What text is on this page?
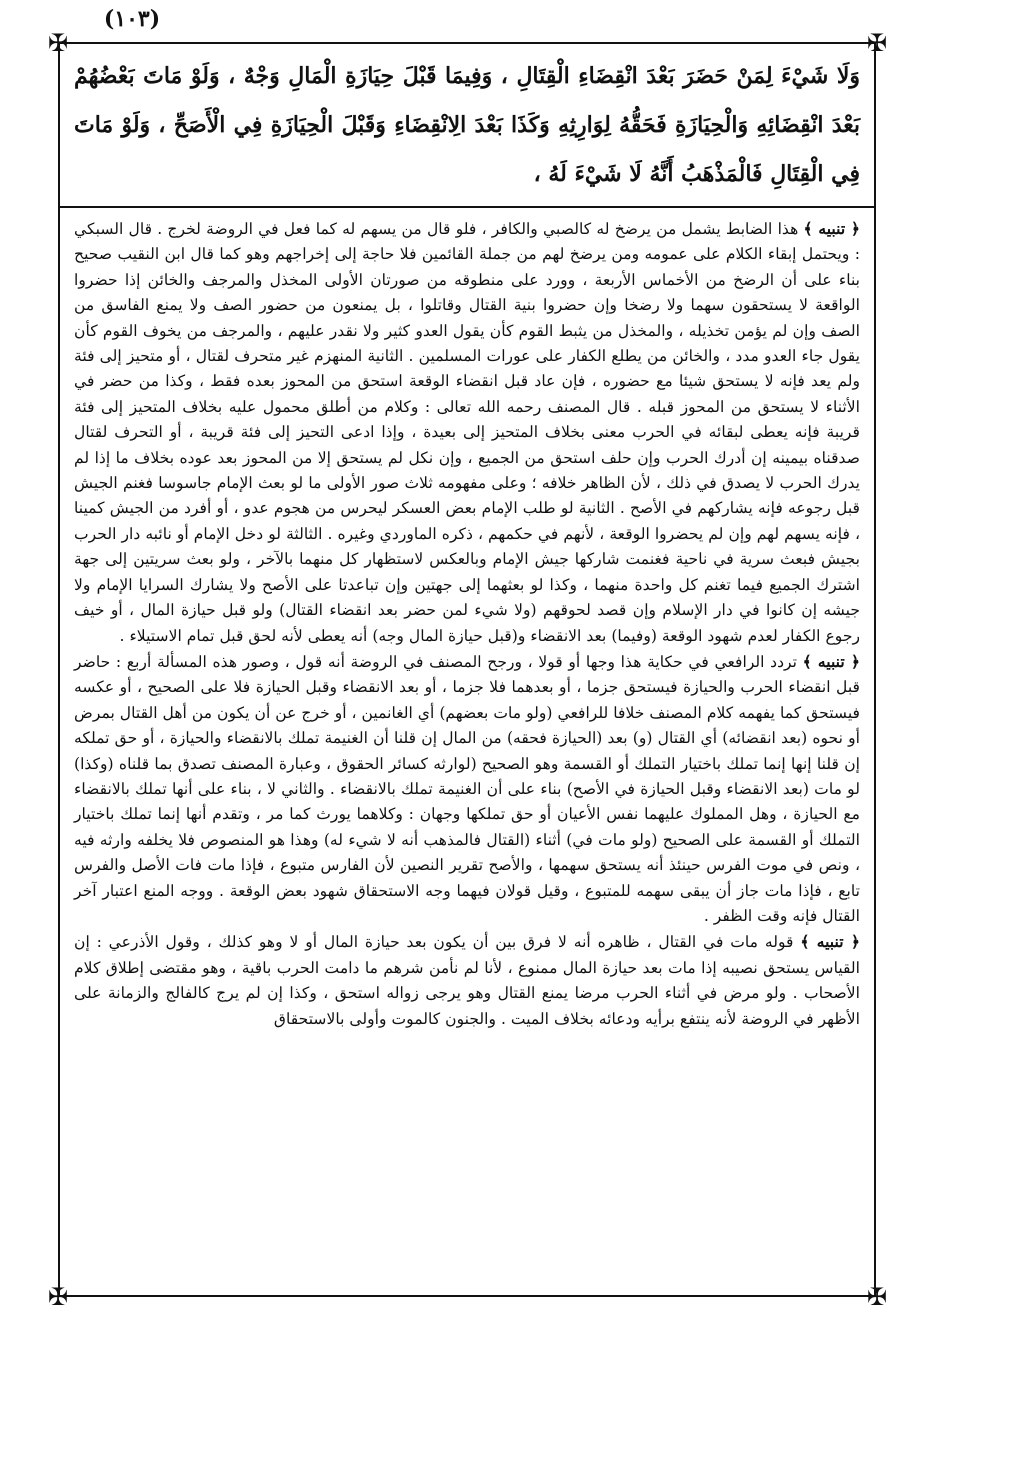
(١٠٣)
✠	✠
✠	✠

وَلَا شَيْءَ لِمَنْ حَضَرَ بَعْدَ انْقِضَاءِ الْقِتَالِ ، وَفِيمَا قَبْلَ حِيَازَةِ الْمَالِ وَجْهٌ ، وَلَوْ مَاتَ بَعْضُهُمْ بَعْدَ انْقِضَائِهِ وَالْحِيَازَةِ فَحَقُّهُ لِوَارِثِهِ وَكَذَا بَعْدَ الِانْقِضَاءِ وَقَبْلَ الْحِيَازَةِ فِي الْأَصَحِّ ، وَلَوْ مَاتَ فِي الْقِتَالِ فَالْمَذْهَبُ أَنَّهُ لَا شَيْءَ لَهُ ،

﴿ تنبيه ﴾ هذا الضابط يشمل من يرضخ له كالصبي والكافر ، فلو قال من يسهم له كما فعل في الروضة لخرج . قال السبكي : ويحتمل إبقاء الكلام على عمومه ومن يرضخ لهم من جملة القائمين فلا حاجة إلى إخراجهم وهو كما قال ابن النقيب صحيح بناء على أن الرضخ من الأخماس الأربعة ، وورد على منطوقه من صورتان الأولى المخذل والمرجف والخائن إذا حضروا الواقعة لا يستحقون سهما ولا رضخا وإن حضروا بنية القتال وقاتلوا ، بل يمنعون من حضور الصف ولا يمنع الفاسق من الصف وإن لم يؤمن تخذيله ، والمخذل من يثبط القوم كأن يقول العدو كثير ولا نقدر عليهم ، والمرجف من يخوف القوم كأن يقول جاء العدو مدد ، والخائن من يطلع الكفار على عورات المسلمين . الثانية المنهزم غير متحرف لقتال ، أو متحيز إلى فئة ولم يعد فإنه لا يستحق شيئا مع حضوره ، فإن عاد قبل انقضاء الوقعة استحق من المحوز بعده فقط ، وكذا من حضر في الأثناء لا يستحق من المحوز قبله . قال المصنف رحمه الله تعالى : وكلام من أطلق محمول عليه بخلاف المتحيز إلى فئة قريبة فإنه يعطى لبقائه في الحرب معنى بخلاف المتحيز إلى بعيدة ، وإذا ادعى التحيز إلى فئة قريبة ، أو التحرف لقتال صدقناه بيمينه إن أدرك الحرب وإن حلف استحق من الجميع ، وإن نكل لم يستحق إلا من المحوز بعد عوده بخلاف ما إذا لم يدرك الحرب لا يصدق في ذلك ، لأن الظاهر خلافه ؛ وعلى مفهومه ثلاث صور الأولى ما لو بعث الإمام جاسوسا فغنم الجيش قبل رجوعه فإنه يشاركهم في الأصح . الثانية لو طلب الإمام بعض العسكر ليحرس من هجوم عدو ، أو أفرد من الجيش كمينا ، فإنه يسهم لهم وإن لم يحضروا الوقعة ، لأنهم في حكمهم ، ذكره الماوردي وغيره . الثالثة لو دخل الإمام أو نائبه دار الحرب بجيش فبعث سرية في ناحية فغنمت شاركها جيش الإمام وبالعكس لاستظهار كل منهما بالآخر ، ولو بعث سريتين إلى جهة اشترك الجميع فيما تغنم كل واحدة منهما ، وكذا لو بعثهما إلى جهتين وإن تباعدتا على الأصح ولا يشارك السرايا الإمام ولا جيشه إن كانوا في دار الإسلام وإن قصد لحوقهم (ولا شيء لمن حضر بعد انقضاء القتال) ولو قبل حيازة المال ، أو خيف رجوع الكفار لعدم شهود الوقعة (وفيما) بعد الانقضاء و(قبل حيازة المال وجه) أنه يعطى لأنه لحق قبل تمام الاستيلاء .

﴿ تنبيه ﴾ تردد الرافعي في حكاية هذا وجها أو قولا ، ورجح المصنف في الروضة أنه قول ، وصور هذه المسألة أربع : حاضر قبل انقضاء الحرب والحيازة فيستحق جزما ، أو بعدهما فلا جزما ، أو بعد الانقضاء وقبل الحيازة فلا على الصحيح ، أو عكسه فيستحق كما يفهمه كلام المصنف خلافا للرافعي (ولو مات بعضهم) أي الغانمين ، أو خرج عن أن يكون من أهل القتال بمرض أو نحوه (بعد انقضائه) أي القتال (و) بعد (الحيازة فحقه) من المال إن قلنا أن الغنيمة تملك بالانقضاء والحيازة ، أو حق تملكه إن قلنا إنها إنما تملك باختيار التملك أو القسمة وهو الصحيح (لوارثه كسائر الحقوق ، وعبارة المصنف تصدق بما قلناه (وكذا) لو مات (بعد الانقضاء وقبل الحيازة في الأصح) بناء على أن الغنيمة تملك بالانقضاء . والثاني لا ، بناء على أنها تملك بالانقضاء مع الحيازة ، وهل المملوك عليهما نفس الأعيان أو حق تملكها وجهان : وكلاهما يورث كما مر ، وتقدم أنها إنما تملك باختيار التملك أو القسمة على الصحيح (ولو مات في) أثناء (القتال فالمذهب أنه لا شيء له) وهذا هو المنصوص فلا يخلفه وارثه فيه ، ونص في موت الفرس حينئذ أنه يستحق سهمها ، والأصح تقرير النصين لأن الفارس متبوع ، فإذا مات فات الأصل والفرس تابع ، فإذا مات جاز أن يبقى سهمه للمتبوع ، وقيل قولان فيهما وجه الاستحقاق شهود بعض الوقعة . ووجه المنع اعتبار آخر القتال فإنه وقت الظفر .

﴿ تنبيه ﴾ قوله مات في القتال ، ظاهره أنه لا فرق بين أن يكون بعد حيازة المال أو لا وهو كذلك ، وقول الأذرعي : إن القياس يستحق نصيبه إذا مات بعد حيازة المال ممنوع ، لأنا لم نأمن شرهم ما دامت الحرب باقية ، وهو مقتضى إطلاق كلام الأصحاب . ولو مرض في أثناء الحرب مرضا يمنع القتال وهو يرجى زواله استحق ، وكذا إن لم يرج كالفالج والزمانة على الأظهر في الروضة لأنه ينتفع برأيه ودعائه بخلاف الميت . والجنون كالموت وأولى بالاستحقاق
